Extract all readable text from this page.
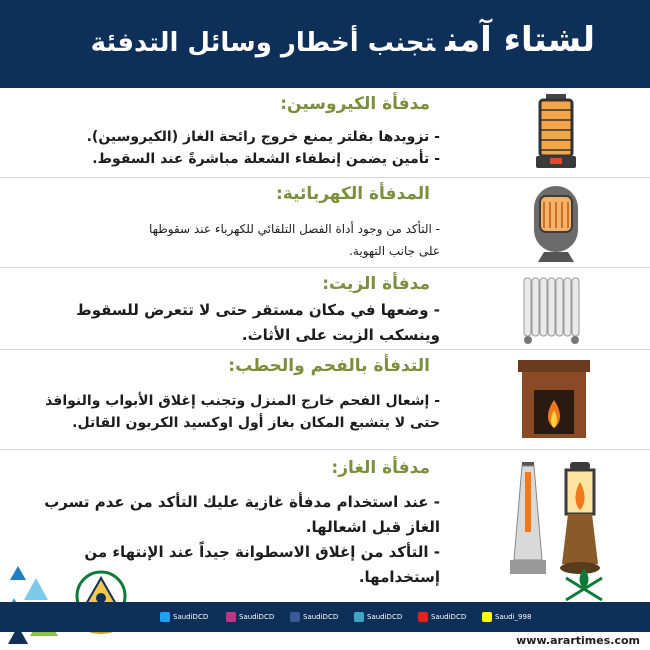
لشتاء آمنتجنب أخطار وسائل التدفئة
مدفأة الكيروسين:
- تزويدها بفلتر يمنع خروج رائحة الغاز (الكيروسين).
- تأمين يضمن إنطفاء الشعلة مباشرةً عند السقوط.
المدفأة الكهربائية:
- التأكد من وجود أداة الفصل التلقائي للكهرباء عند سقوطها
على جانب التهوية.
مدفأة الزيت:
- وضعها في مكان مستقر حتى لا تتعرض للسقوط
وينسكب الزيت على الأثاث.
التدفأة بالفحم والحطب:
- إشعال الفحم خارج المنزل وتجنب إغلاق الأبواب والنوافذ
حتى لا يتشبع المكان بغاز أول اوكسيد الكربون القاتل.
مدفأة الغاز:
- عند استخدام مدفأة غازية عليك التأكد من عدم تسرب
الغاز قبل اشعالها.
- التأكد من إغلاق الاسطوانة جيداً عند الإنتهاء من
إستخدامها.
SaudiDCD	SaudiDCD	SaudiDCD	SaudiDCD	SaudiDCD	Saudi_998
www.arartimes.com
